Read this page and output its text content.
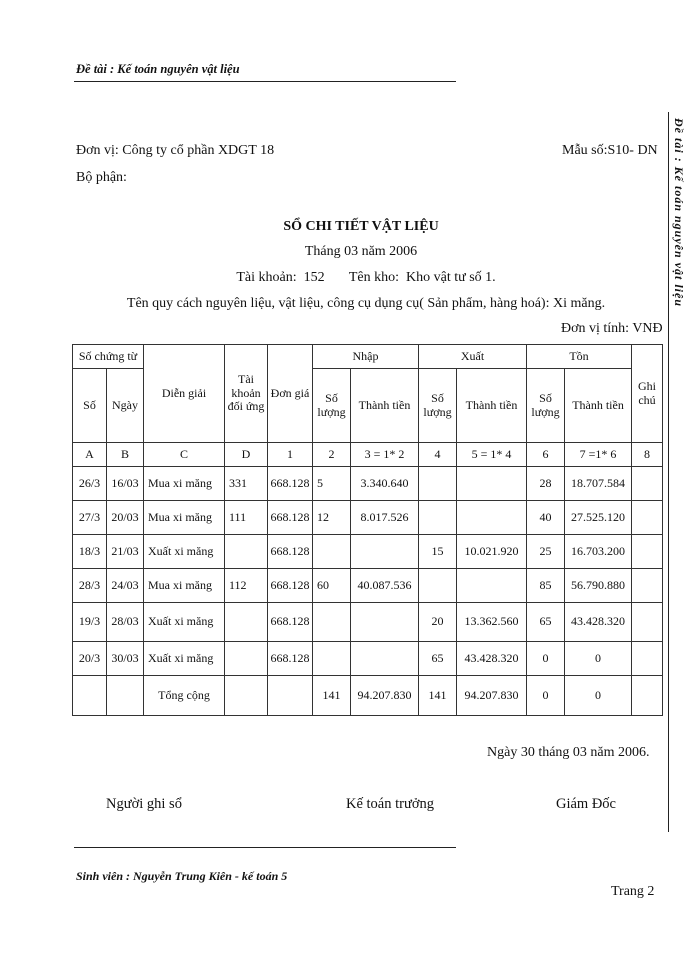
Đề tài : Kế toán nguyên vật liệu
Đề tài : Kế toán nguyên vật liệu
Đơn vị: Công ty cổ phần XDGT 18
Bộ phận:
Mẫu số:S10- DN
SỔ CHI TIẾT VẬT LIỆU
Tháng 03 năm 2006
Tài khoản:  152       Tên kho:  Kho vật tư số 1.
Tên quy cách nguyên liệu, vật liệu, công cụ dụng cụ( Sản phẩm, hàng hoá): Xi măng.
Đơn vị tính: VNĐ
Số chứng từ		Diễn giải	Tài khoản đối ứng	Đơn giá	Nhập		Xuất		Tồn		Ghi chú
Số	Ngày				Số lượng	Thành tiền	Số lượng	Thành tiền	Số lượng	Thành tiền	
A	B	C	D	1	2	3 = 1* 2	4	5 = 1* 4	6	7 =1* 6	8
26/3	16/03	Mua xi măng	331	668.128	5	3.340.640			28	18.707.584	
27/3	20/03	Mua xi măng	111	668.128	12	8.017.526			40	27.525.120	
18/3	21/03	Xuất xi măng		668.128			15	10.021.920	25	16.703.200	
28/3	24/03	Mua xi măng	112	668.128	60	40.087.536			85	56.790.880	
19/3	28/03	Xuất xi măng		668.128			20	13.362.560	65	43.428.320	
20/3	30/03	Xuất xi măng		668.128			65	43.428.320	0	0	
		Tổng cộng			141	94.207.830	141	94.207.830	0	0	
Ngày 30 tháng 03 năm 2006.
Người ghi sổ	Kế toán trưởng	Giám Đốc
Sinh viên : Nguyễn Trung Kiên - kế toán 5
Trang 2
